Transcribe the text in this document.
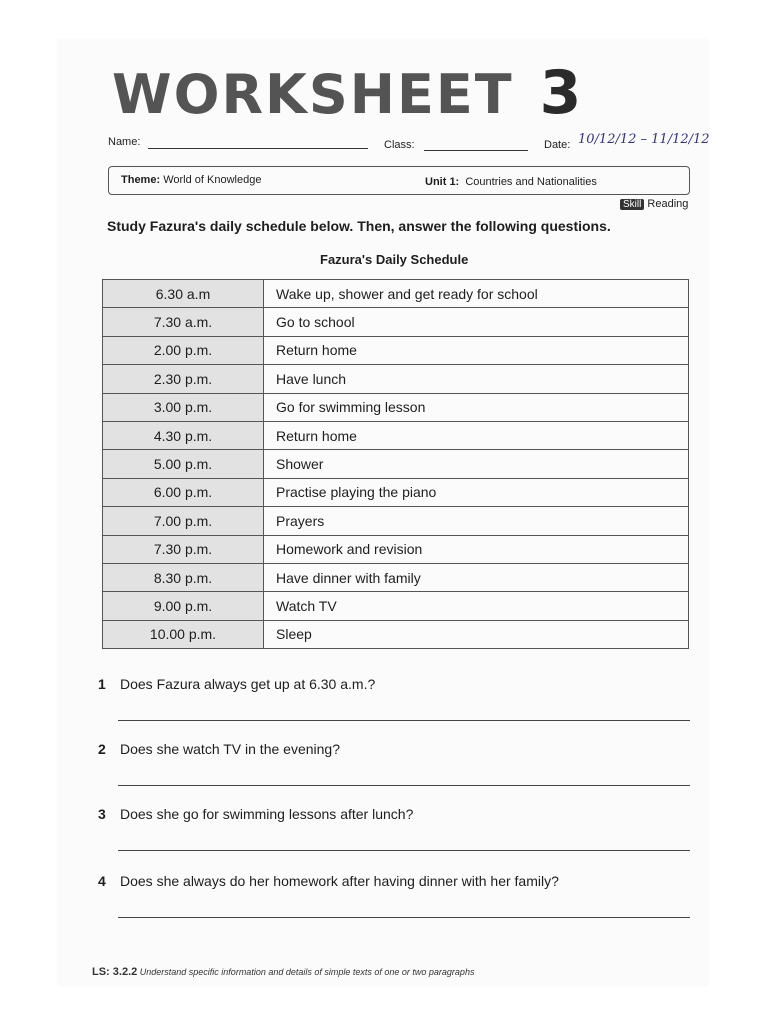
WORKSHEET 3
Name:	Class:	Date: 10/12/12 – 11/12/12
Theme: World of Knowledge	Unit 1: Countries and Nationalities
Skill Reading
Study Fazura's daily schedule below. Then, answer the following questions.
Fazura's Daily Schedule
6.30 a.m	Wake up, shower and get ready for school
7.30 a.m.	Go to school
2.00 p.m.	Return home
2.30 p.m.	Have lunch
3.00 p.m.	Go for swimming lesson
4.30 p.m.	Return home
5.00 p.m.	Shower
6.00 p.m.	Practise playing the piano
7.00 p.m.	Prayers
7.30 p.m.	Homework and revision
8.30 p.m.	Have dinner with family
9.00 p.m.	Watch TV
10.00 p.m.	Sleep
1 Does Fazura always get up at 6.30 a.m.?
2 Does she watch TV in the evening?
3 Does she go for swimming lessons after lunch?
4 Does she always do her homework after having dinner with her family?
LS: 3.2.2 Understand specific information and details of simple texts of one or two paragraphs
